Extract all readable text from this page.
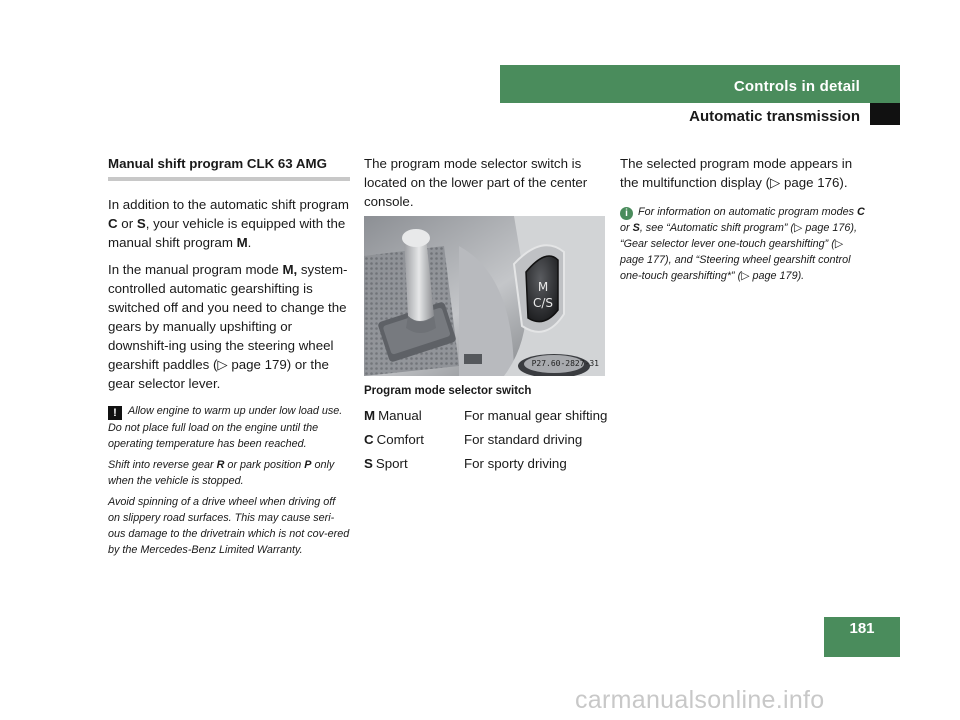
Controls in detail
Automatic transmission

Manual shift program CLK 63 AMG

In addition to the automatic shift program C or S, your vehicle is equipped with the manual shift program M.

In the manual program mode M, system-controlled automatic gearshifting is switched off and you need to change the gears by manually upshifting or downshift-ing using the steering wheel gearshift paddles (▷ page 179) or the gear selector lever.

! Allow engine to warm up under low load use. Do not place full load on the engine until the operating temperature has been reached.

Shift into reverse gear R or park position P only when the vehicle is stopped.

Avoid spinning of a drive wheel when driving off on slippery road surfaces. This may cause seri-ous damage to the drivetrain which is not cov-ered by the Mercedes-Benz Limited Warranty.

The program mode selector switch is located on the lower part of the center console.

M
C/S
P27.60-2827-31
Program mode selector switch
M Manual	For manual gear shifting
C Comfort	For standard driving
S Sport	For sporty driving

The selected program mode appears in the multifunction display (▷ page 176).

i For information on automatic program modes C or S, see “Automatic shift program” (▷ page 176), “Gear selector lever one-touch gearshifting” (▷ page 177), and “Steering wheel gearshift control one-touch gearshifting*” (▷ page 179).
181
carmanualsonline.info
